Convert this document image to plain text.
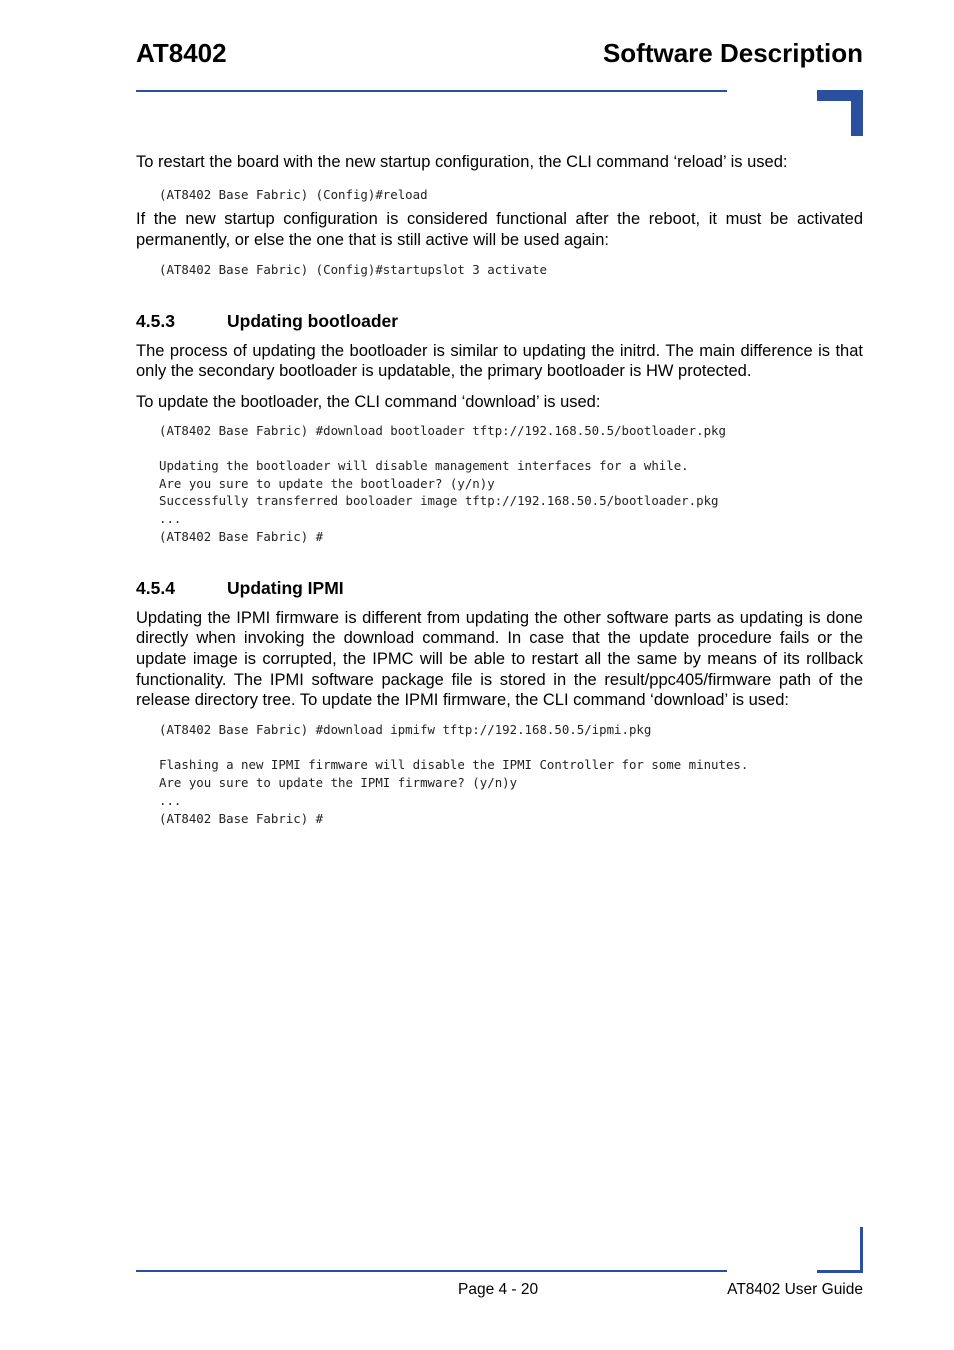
AT8402	Software Description

To restart the board with the new startup configuration, the CLI command ‘reload’ is used:

(AT8402 Base Fabric) (Config)#reload

If the new startup configuration is considered functional after the reboot, it must be activated permanently, or else the one that is still active will be used again:

(AT8402 Base Fabric) (Config)#startupslot 3 activate
4.5.3	Updating bootloader

The process of updating the bootloader is similar to updating the initrd. The main difference is that only the secondary bootloader is updatable, the primary bootloader is HW protected.

To update the bootloader, the CLI command ‘download’ is used:

(AT8402 Base Fabric) #download bootloader tftp://192.168.50.5/bootloader.pkg

Updating the bootloader will disable management interfaces for a while.
Are you sure to update the bootloader? (y/n)y
Successfully transferred booloader image tftp://192.168.50.5/bootloader.pkg
...
(AT8402 Base Fabric) #
4.5.4	Updating IPMI

Updating the IPMI firmware is different from updating the other software parts as updating is done directly when invoking the download command. In case that the update procedure fails or the update image is corrupted, the IPMC will be able to restart all the same by means of its rollback functionality. The IPMI software package file is stored in the result/ppc405/firmware path of the release directory tree. To update the IPMI firmware, the CLI command ‘download’ is used:

(AT8402 Base Fabric) #download ipmifw tftp://192.168.50.5/ipmi.pkg

Flashing a new IPMI firmware will disable the IPMI Controller for some minutes.
Are you sure to update the IPMI firmware? (y/n)y
...
(AT8402 Base Fabric) #
Page 4 - 20	AT8402 User Guide
